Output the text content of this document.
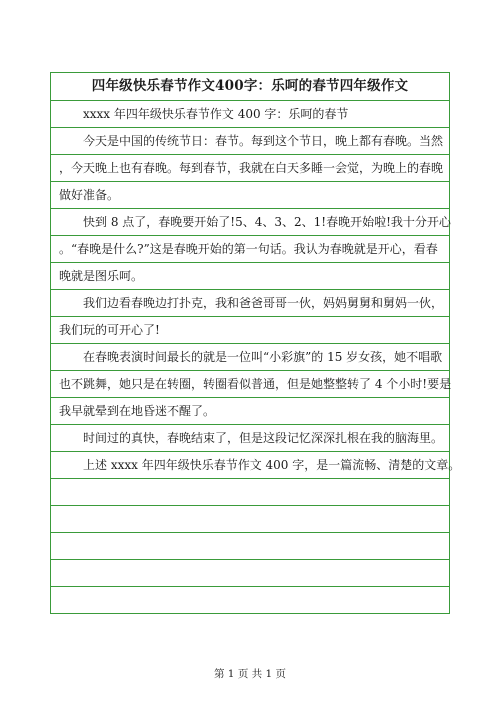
四年级快乐春节作文400字：乐呵的春节四年级作文
xxxx 年四年级快乐春节作文 400 字：乐呵的春节
今天是中国的传统节日：春节。每到这个节日，晚上都有春晚。当然
，今天晚上也有春晚。每到春节，我就在白天多睡一会觉，为晚上的春晚
做好准备。
快到 8 点了，春晚要开始了!5、4、3、2、1!春晚开始啦!我十分开心
。“春晚是什么?”这是春晚开始的第一句话。我认为春晚就是开心，看春
晚就是图乐呵。
我们边看春晚边打扑克，我和爸爸哥哥一伙，妈妈舅舅和舅妈一伙，
我们玩的可开心了!
在春晚表演时间最长的就是一位叫“小彩旗”的 15 岁女孩，她不唱歌
也不跳舞，她只是在转圈，转圈看似普通，但是她整整转了 4 个小时!要是
我早就晕到在地昏迷不醒了。
时间过的真快，春晚结束了，但是这段记忆深深扎根在我的脑海里。
上述 xxxx 年四年级快乐春节作文 400 字，是一篇流畅、清楚的文章。
第 1 页 共 1 页
